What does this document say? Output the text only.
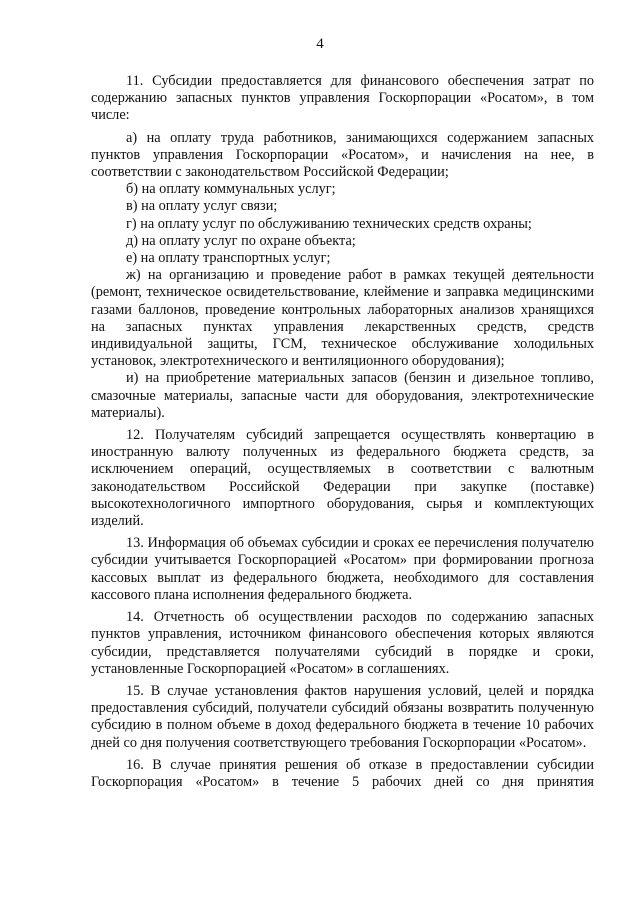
4

11. Субсидии предоставляется для финансового обеспечения затрат по содержанию запасных пунктов управления Госкорпорации «Росатом», в том числе:

а) на оплату труда работников, занимающихся содержанием запасных пунктов управления Госкорпорации «Росатом», и начисления на нее, в соответствии с законодательством Российской Федерации;

б) на оплату коммунальных услуг;

в) на оплату услуг связи;

г) на оплату услуг по обслуживанию технических средств охраны;

д) на оплату услуг по охране объекта;

е) на оплату транспортных услуг;

ж) на организацию и проведение работ в рамках текущей деятельности (ремонт, техническое освидетельствование, клеймение и заправка медицинскими газами баллонов, проведение контрольных лабораторных анализов хранящихся на запасных пунктах управления лекарственных средств, средств индивидуальной защиты, ГСМ, техническое обслуживание холодильных установок, электротехнического и вентиляционного оборудования);

и) на приобретение материальных запасов (бензин и дизельное топливо, смазочные материалы, запасные части для оборудования, электротехнические материалы).

12. Получателям субсидий запрещается осуществлять конвертацию в иностранную валюту полученных из федерального бюджета средств, за исключением операций, осуществляемых в соответствии с валютным законодательством Российской Федерации при закупке (поставке) высокотехнологичного импортного оборудования, сырья и комплектующих изделий.

13. Информация об объемах субсидии и сроках ее перечисления получателю субсидии учитывается Госкорпорацией «Росатом» при формировании прогноза кассовых выплат из федерального бюджета, необходимого для составления кассового плана исполнения федерального бюджета.

14. Отчетность об осуществлении расходов по содержанию запасных пунктов управления, источником финансового обеспечения которых являются субсидии, представляется получателями субсидий в порядке и сроки, установленные Госкорпорацией «Росатом» в соглашениях.

15. В случае установления фактов нарушения условий, целей и порядка предоставления субсидий, получатели субсидий обязаны возвратить полученную субсидию в полном объеме в доход федерального бюджета в течение 10 рабочих дней со дня получения соответствующего требования Госкорпорации «Росатом».

16. В случае принятия решения об отказе в предоставлении субсидии Госкорпорация «Росатом» в течение 5 рабочих дней со дня принятия
